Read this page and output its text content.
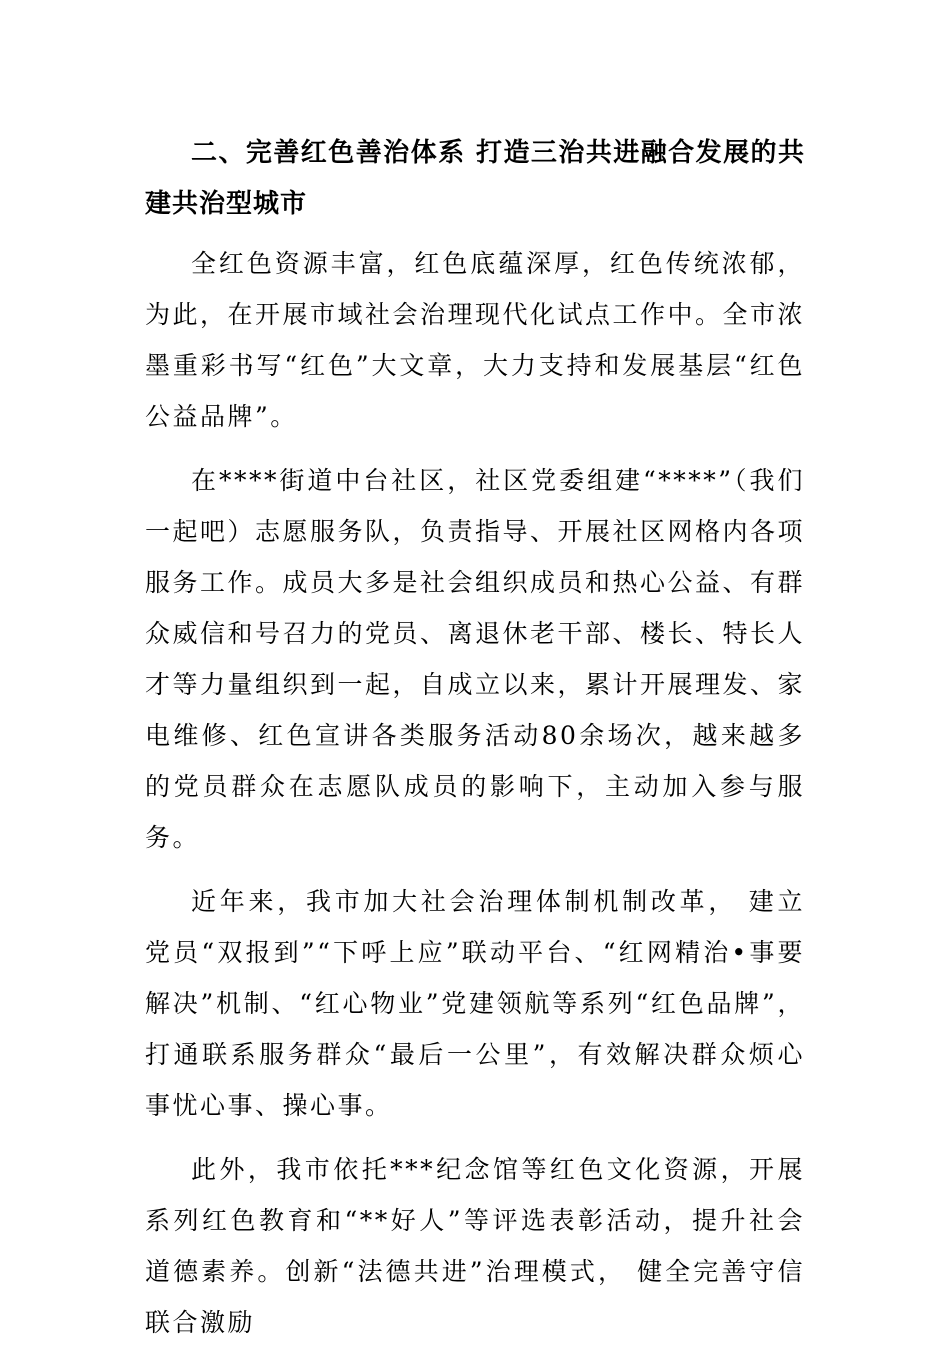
二、完善红色善治体系 打造三治共进融合发展的共建共治型城市

全红色资源丰富，红色底蕴深厚，红色传统浓郁，为此，在开展市域社会治理现代化试点工作中。全市浓墨重彩书写“红色”大文章，大力支持和发展基层“红色公益品牌”。

在****街道中台社区，社区党委组建“****”（我们一起吧）志愿服务队，负责指导、开展社区网格内各项服务工作。成员大多是社会组织成员和热心公益、有群众威信和号召力的党员、离退休老干部、楼长、特长人才等力量组织到一起，自成立以来，累计开展理发、家电维修、红色宣讲各类服务活动80余场次，越来越多的党员群众在志愿队成员的影响下，主动加入参与服务。

近年来，我市加大社会治理体制机制改革， 建立党员“双报到”“下呼上应”联动平台、“红网精治•事要解决”机制、“红心物业”党建领航等系列“红色品牌”，打通联系服务群众“最后一公里”，有效解决群众烦心事忧心事、操心事。

此外，我市依托***纪念馆等红色文化资源，开展系列红色教育和“**好人”等评选表彰活动，提升社会道德素养。创新“法德共进”治理模式， 健全完善守信联合激励
